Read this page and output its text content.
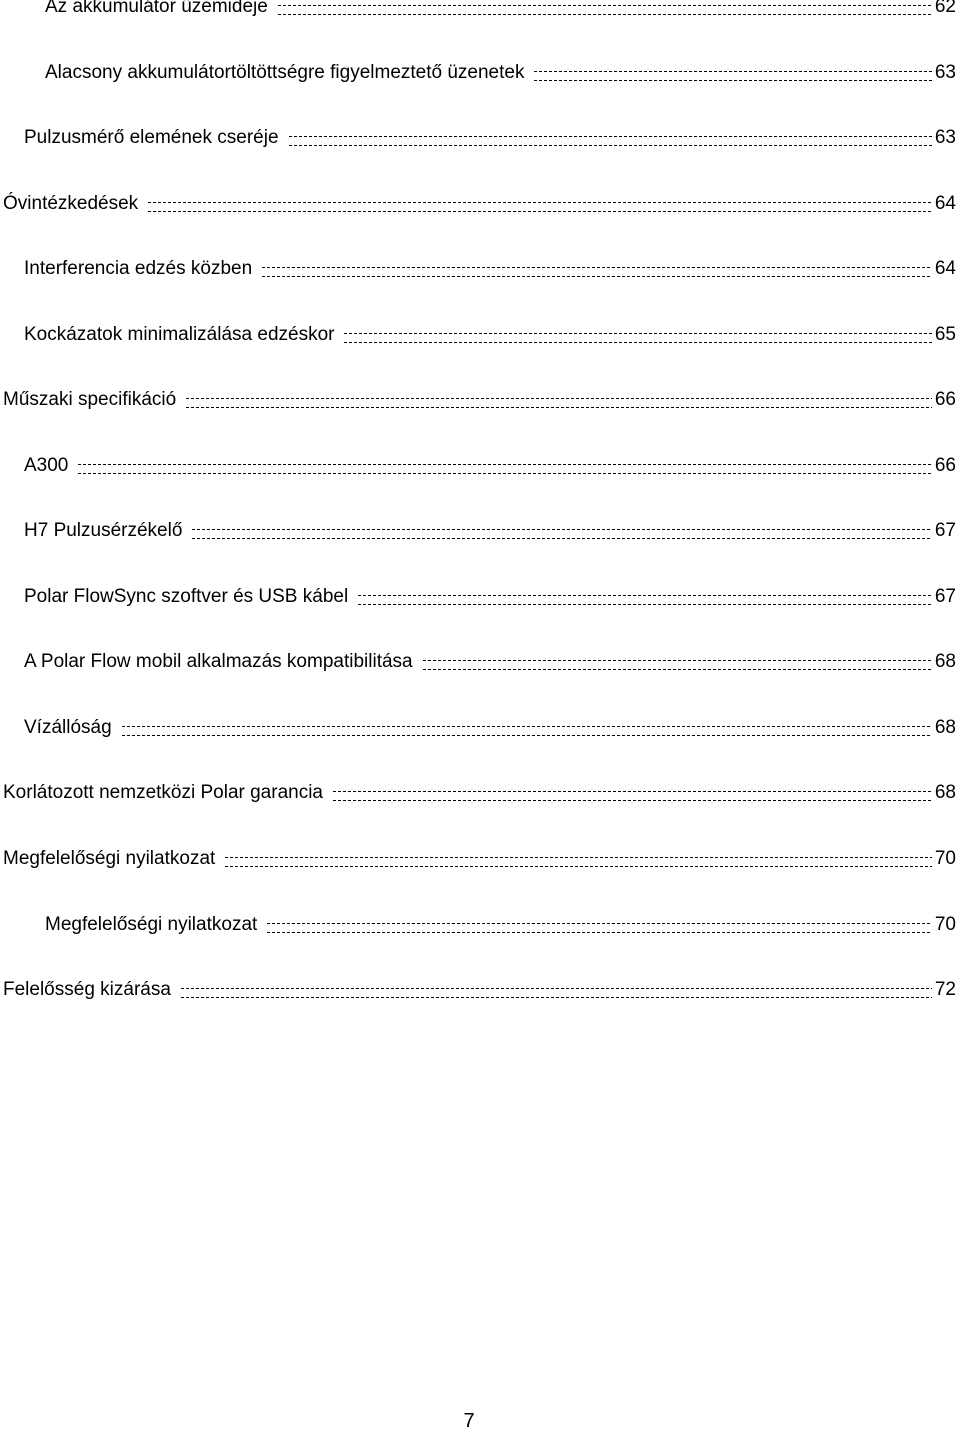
Az akkumulátor üzemideje	62
Alacsony akkumulátortöltöttségre figyelmeztető üzenetek	63
Pulzusmérő elemének cseréje	63
Óvintézkedések	64
Interferencia edzés közben	64
Kockázatok minimalizálása edzéskor	65
Műszaki specifikáció	66
A300	66
H7 Pulzusérzékelő	67
Polar FlowSync szoftver és USB kábel	67
A Polar Flow mobil alkalmazás kompatibilitása	68
Vízállóság	68
Korlátozott nemzetközi Polar garancia	68
Megfelelőségi nyilatkozat	70
Megfelelőségi nyilatkozat	70
Felelősség kizárása	72
7
